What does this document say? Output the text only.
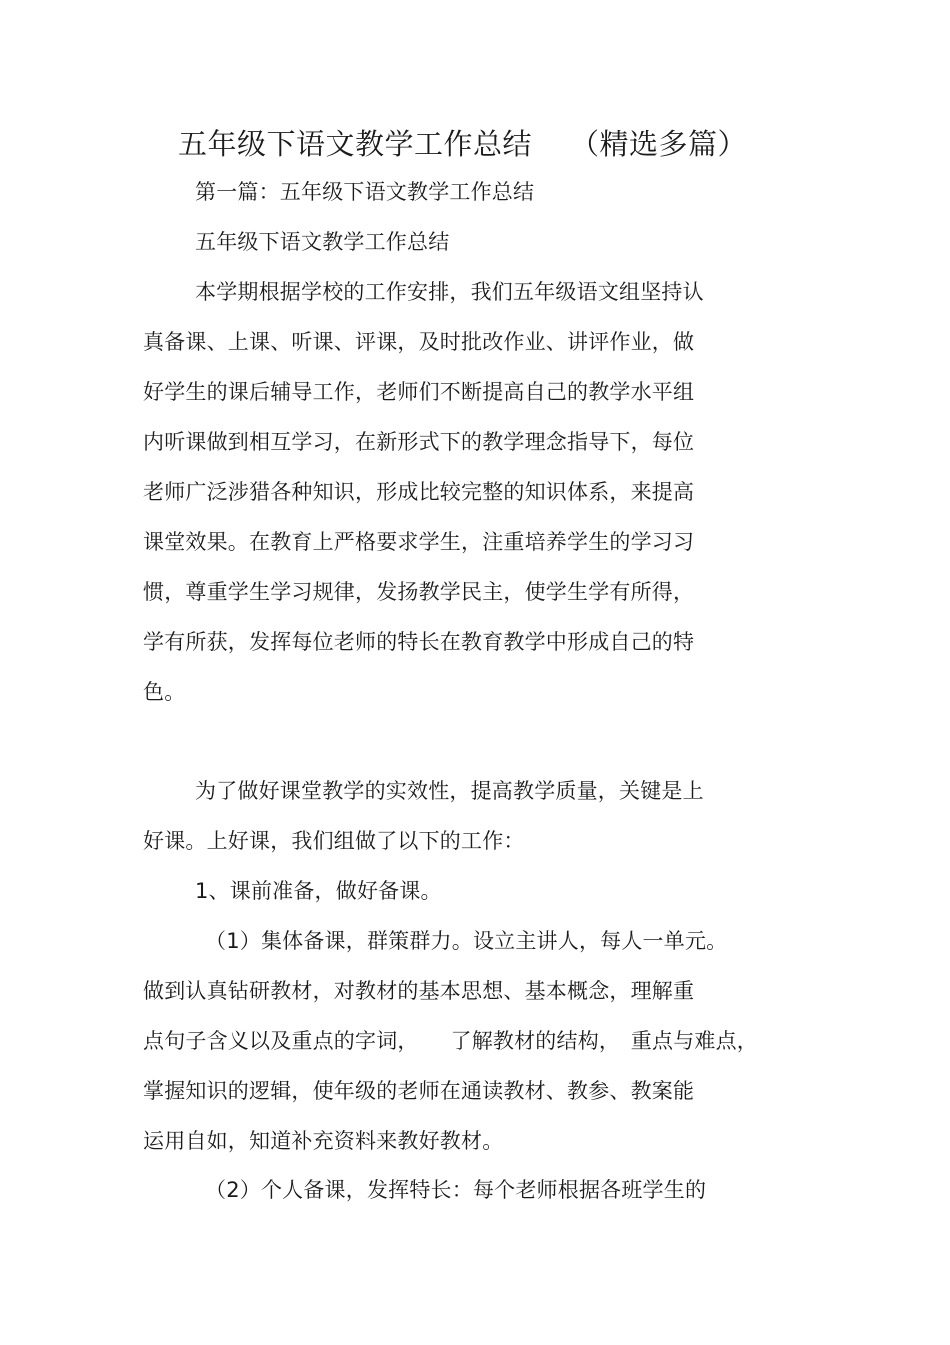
五年级下语文教学工作总结 （精选多篇）
第一篇：五年级下语文教学工作总结
五年级下语文教学工作总结
本学期根据学校的工作安排，我们五年级语文组坚持认
真备课、上课、听课、评课，及时批改作业、讲评作业，做
好学生的课后辅导工作，老师们不断提高自己的教学水平组
内听课做到相互学习，在新形式下的教学理念指导下，每位
老师广泛涉猎各种知识，形成比较完整的知识体系，来提高
课堂效果。在教育上严格要求学生，注重培养学生的学习习
惯，尊重学生学习规律，发扬教学民主，使学生学有所得，
学有所获，发挥每位老师的特长在教育教学中形成自己的特
色。
为了做好课堂教学的实效性，提高教学质量，关键是上
好课。上好课，我们组做了以下的工作：
1、课前准备，做好备课。
（1）集体备课，群策群力。设立主讲人，每人一单元。
做到认真钻研教材，对教材的基本思想、基本概念，理解重
点句子含义以及重点的字词，　　了解教材的结构，　重点与难点，
掌握知识的逻辑，使年级的老师在通读教材、教参、教案能
运用自如，知道补充资料来教好教材。
（2）个人备课，发挥特长：每个老师根据各班学生的
